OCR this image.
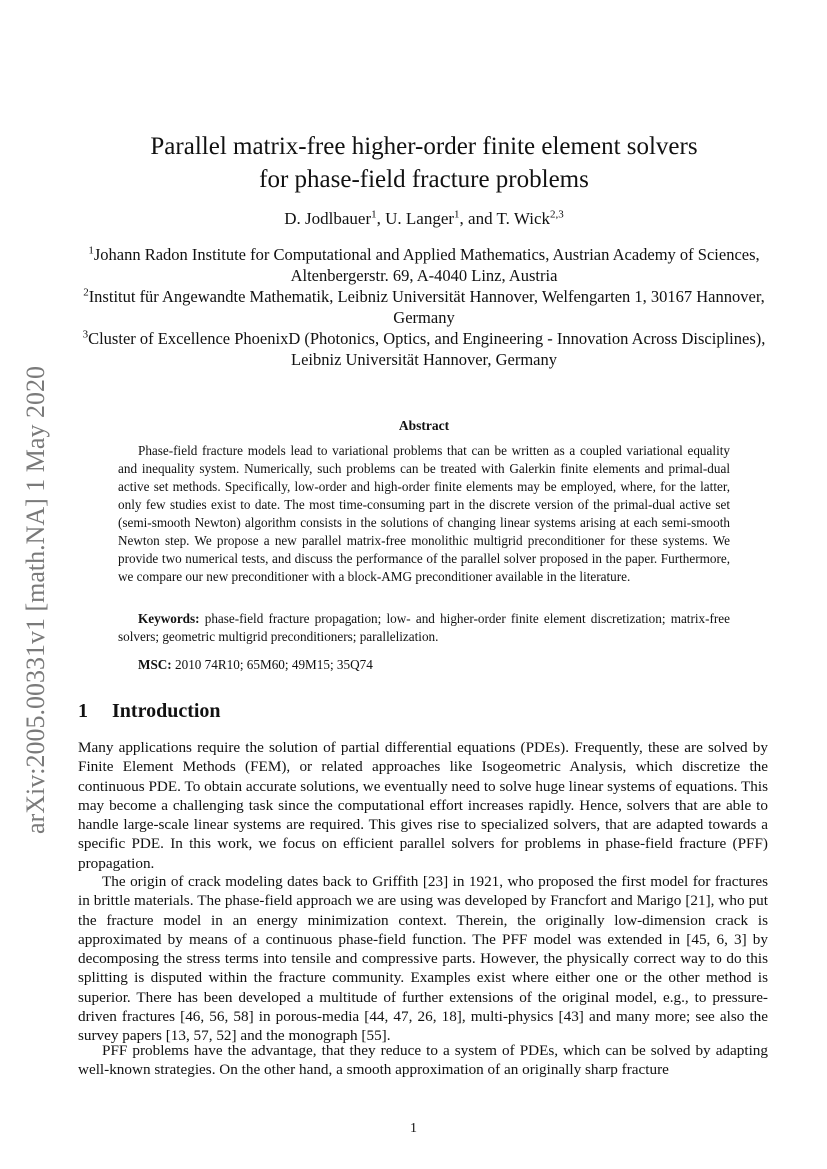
arXiv:2005.00331v1 [math.NA] 1 May 2020
Parallel matrix-free higher-order finite element solvers
for phase-field fracture problems
D. Jodlbauer$^1$, U. Langer$^1$, and T. Wick$^{2,3}$
$^1$Johann Radon Institute for Computational and Applied Mathematics, Austrian Academy of Sciences, Altenbergerstr. 69, A-4040 Linz, Austria
$^2$Institut für Angewandte Mathematik, Leibniz Universität Hannover, Welfengarten 1, 30167 Hannover, Germany
$^3$Cluster of Excellence PhoenixD (Photonics, Optics, and Engineering - Innovation Across Disciplines), Leibniz Universität Hannover, Germany
Abstract
Phase-field fracture models lead to variational problems that can be written as a coupled variational equality and inequality system. Numerically, such problems can be treated with Galerkin finite elements and primal-dual active set methods. Specifically, low-order and high-order finite elements may be employed, where, for the latter, only few studies exist to date. The most time-consuming part in the discrete version of the primal-dual active set (semi-smooth Newton) algorithm consists in the solutions of changing linear systems arising at each semi-smooth Newton step. We propose a new parallel matrix-free monolithic multigrid preconditioner for these systems. We provide two numerical tests, and discuss the performance of the parallel solver proposed in the paper. Furthermore, we compare our new preconditioner with a block-AMG preconditioner available in the literature.
Keywords: phase-field fracture propagation; low- and higher-order finite element discretization; matrix-free solvers; geometric multigrid preconditioners; parallelization.
MSC: 2010 74R10; 65M60; 49M15; 35Q74
1 Introduction
Many applications require the solution of partial differential equations (PDEs). Frequently, these are solved by Finite Element Methods (FEM), or related approaches like Isogeometric Analysis, which discretize the continuous PDE. To obtain accurate solutions, we eventually need to solve huge linear systems of equations. This may become a challenging task since the computational effort increases rapidly. Hence, solvers that are able to handle large-scale linear systems are required. This gives rise to specialized solvers, that are adapted towards a specific PDE. In this work, we focus on efficient parallel solvers for problems in phase-field fracture (PFF) propagation.
The origin of crack modeling dates back to Griffith [23] in 1921, who proposed the first model for fractures in brittle materials. The phase-field approach we are using was developed by Francfort and Marigo [21], who put the fracture model in an energy minimization context. Therein, the originally low-dimension crack is approximated by means of a continuous phase-field function. The PFF model was extended in [45, 6, 3] by decomposing the stress terms into tensile and compressive parts. However, the physically correct way to do this splitting is disputed within the fracture community. Examples exist where either one or the other method is superior. There has been developed a multitude of further extensions of the original model, e.g., to pressure-driven fractures [46, 56, 58] in porous-media [44, 47, 26, 18], multi-physics [43] and many more; see also the survey papers [13, 57, 52] and the monograph [55].
PFF problems have the advantage, that they reduce to a system of PDEs, which can be solved by adapting well-known strategies. On the other hand, a smooth approximation of an originally sharp fracture
1
